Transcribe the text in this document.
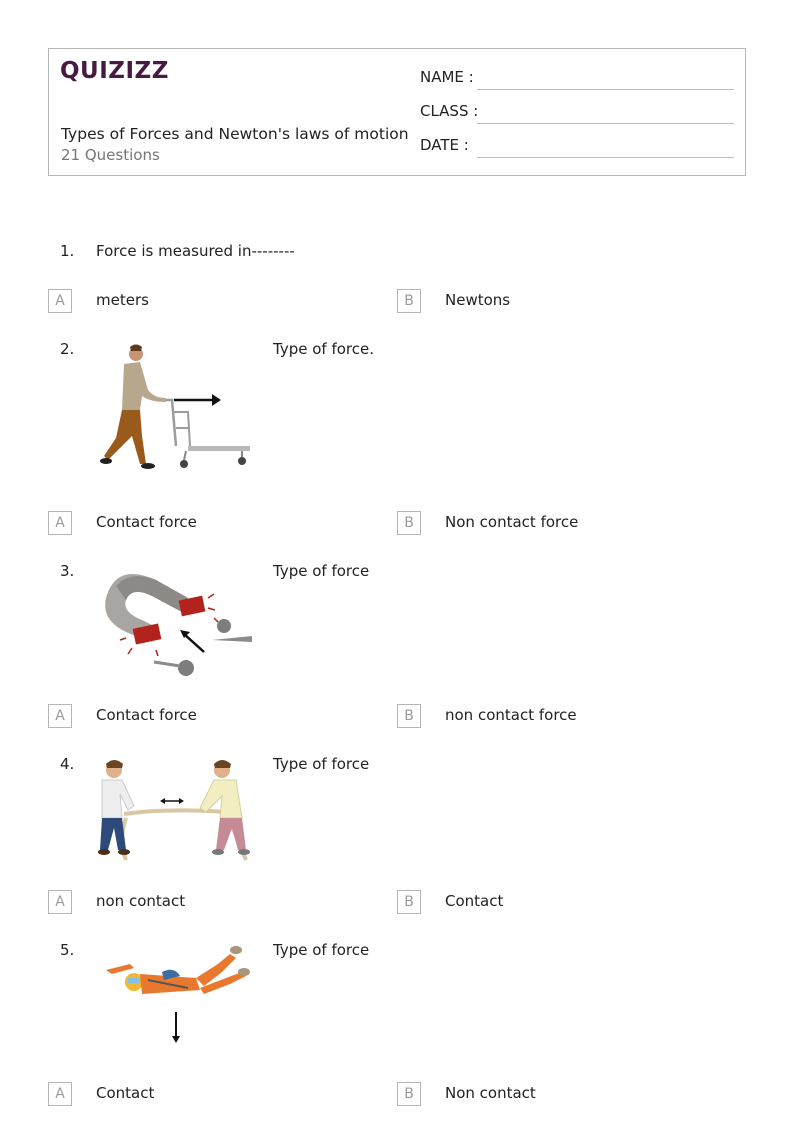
QUIZIZZ
Types of Forces and Newton's laws of motion
21 Questions
NAME :
CLASS :
DATE :
1. Force is measured in--------
A	meters	B	Newtons
2.	Type of force.
A	Contact force	B	Non contact force
3.	Type of force
A	Contact force	B	non contact force
4.	Type of force
A	non contact	B	Contact
5.	Type of force
A	Contact	B	Non contact
